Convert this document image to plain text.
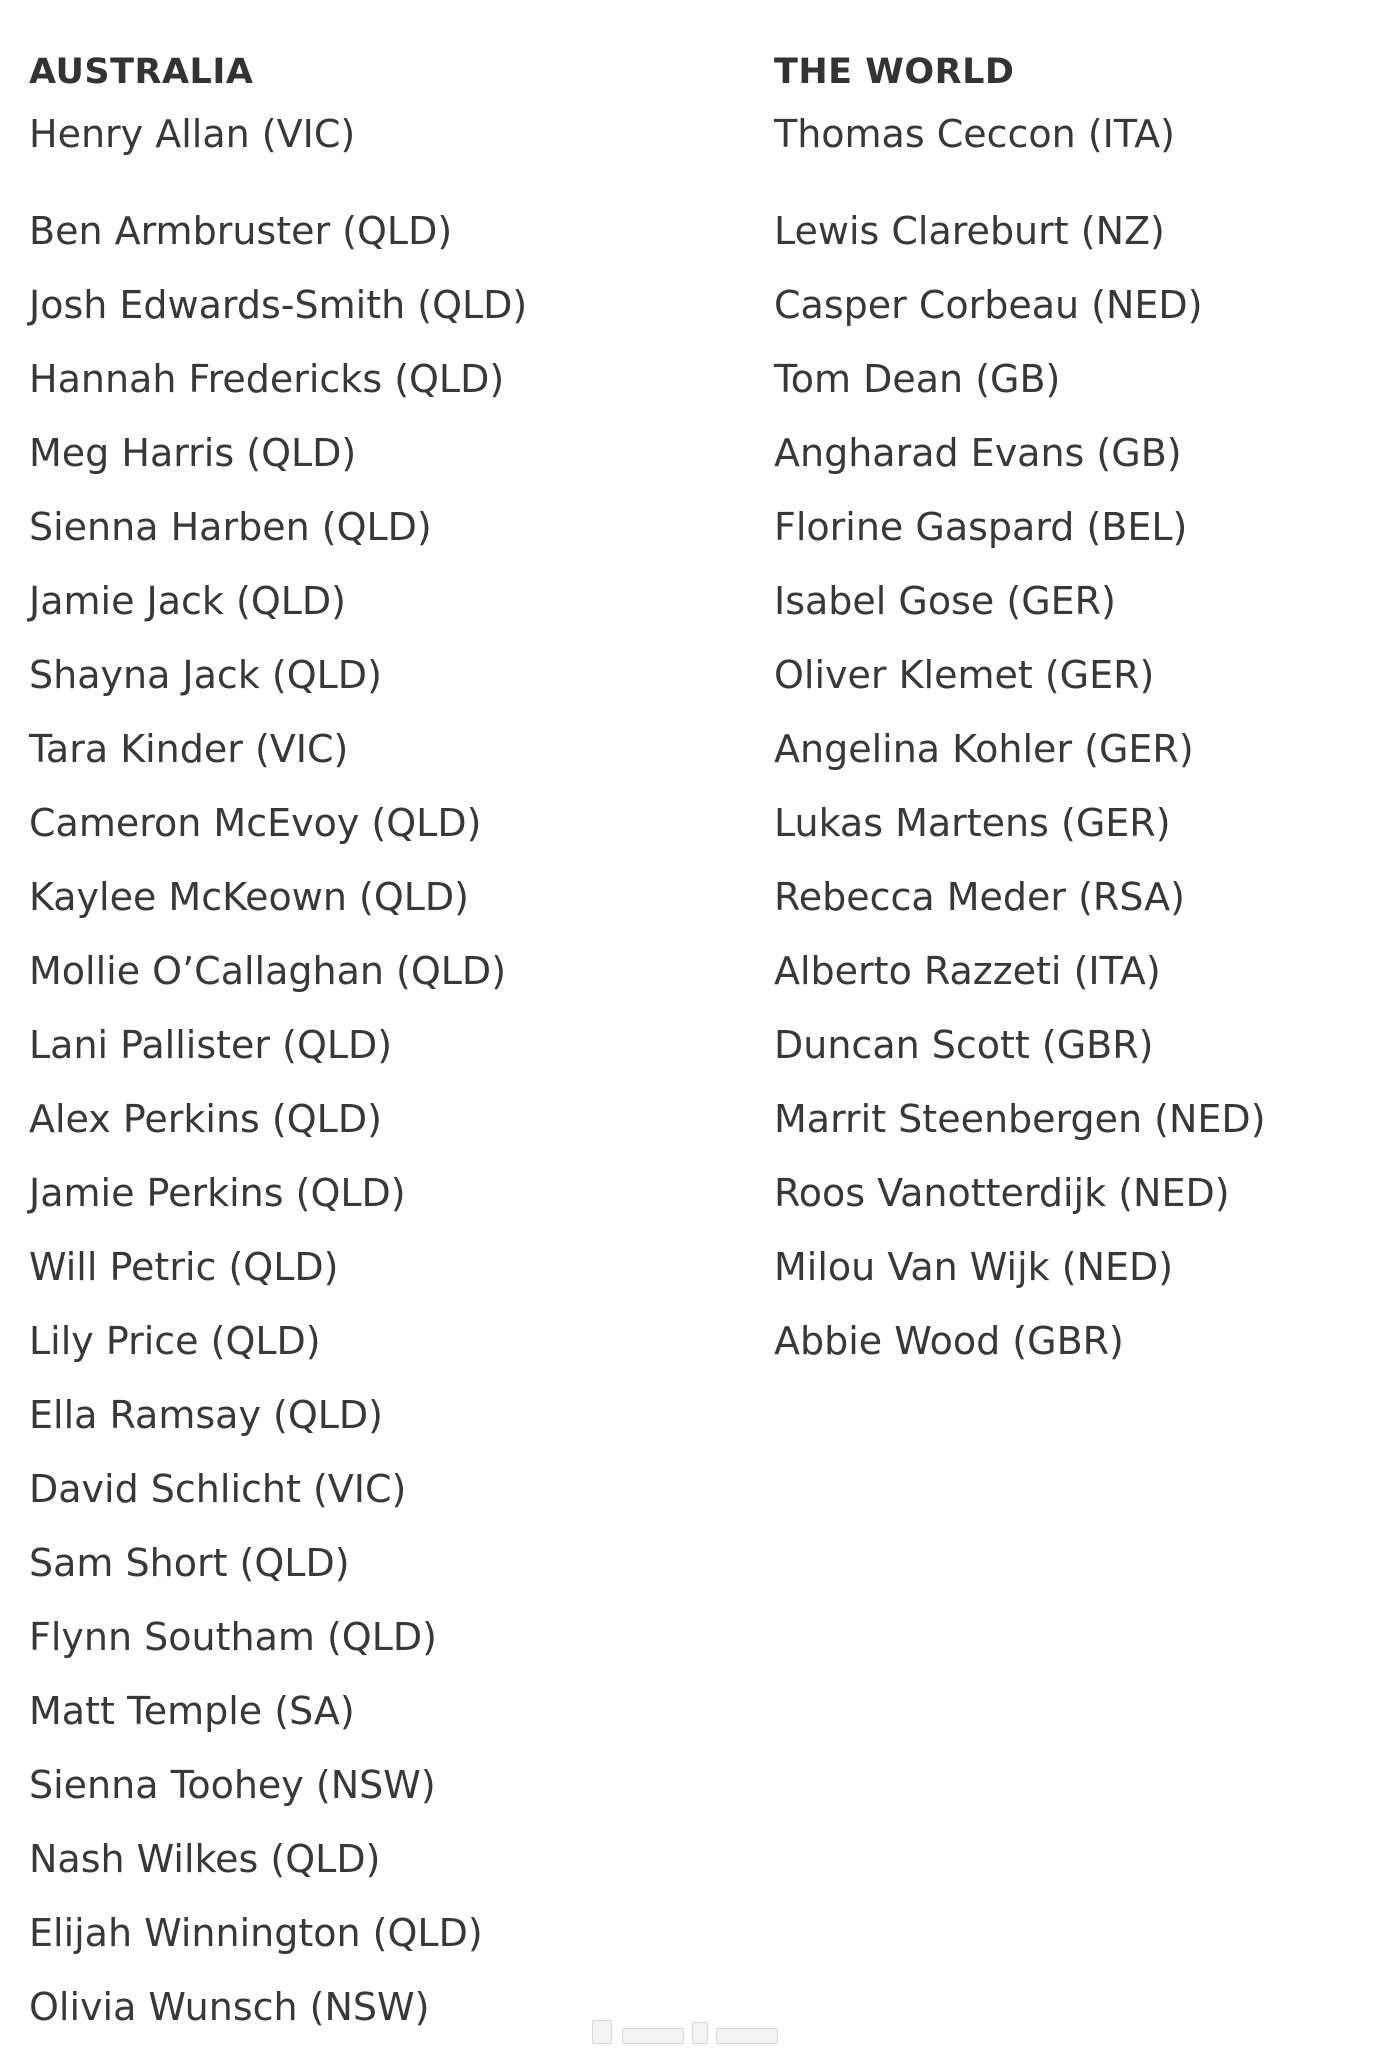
AUSTRALIA
Henry Allan (VIC)
Ben Armbruster (QLD)
Josh Edwards-Smith (QLD)
Hannah Fredericks (QLD)
Meg Harris (QLD)
Sienna Harben (QLD)
Jamie Jack (QLD)
Shayna Jack (QLD)
Tara Kinder (VIC)
Cameron McEvoy (QLD)
Kaylee McKeown (QLD)
Mollie O’Callaghan (QLD)
Lani Pallister (QLD)
Alex Perkins (QLD)
Jamie Perkins (QLD)
Will Petric (QLD)
Lily Price (QLD)
Ella Ramsay (QLD)
David Schlicht (VIC)
Sam Short (QLD)
Flynn Southam (QLD)
Matt Temple (SA)
Sienna Toohey (NSW)
Nash Wilkes (QLD)
Elijah Winnington (QLD)
Olivia Wunsch (NSW)
THE WORLD
Thomas Ceccon (ITA)
Lewis Clareburt (NZ)
Casper Corbeau (NED)
Tom Dean (GB)
Angharad Evans (GB)
Florine Gaspard (BEL)
Isabel Gose (GER)
Oliver Klemet (GER)
Angelina Kohler (GER)
Lukas Martens (GER)
Rebecca Meder (RSA)
Alberto Razzeti (ITA)
Duncan Scott (GBR)
Marrit Steenbergen (NED)
Roos Vanotterdijk (NED)
Milou Van Wijk (NED)
Abbie Wood (GBR)
